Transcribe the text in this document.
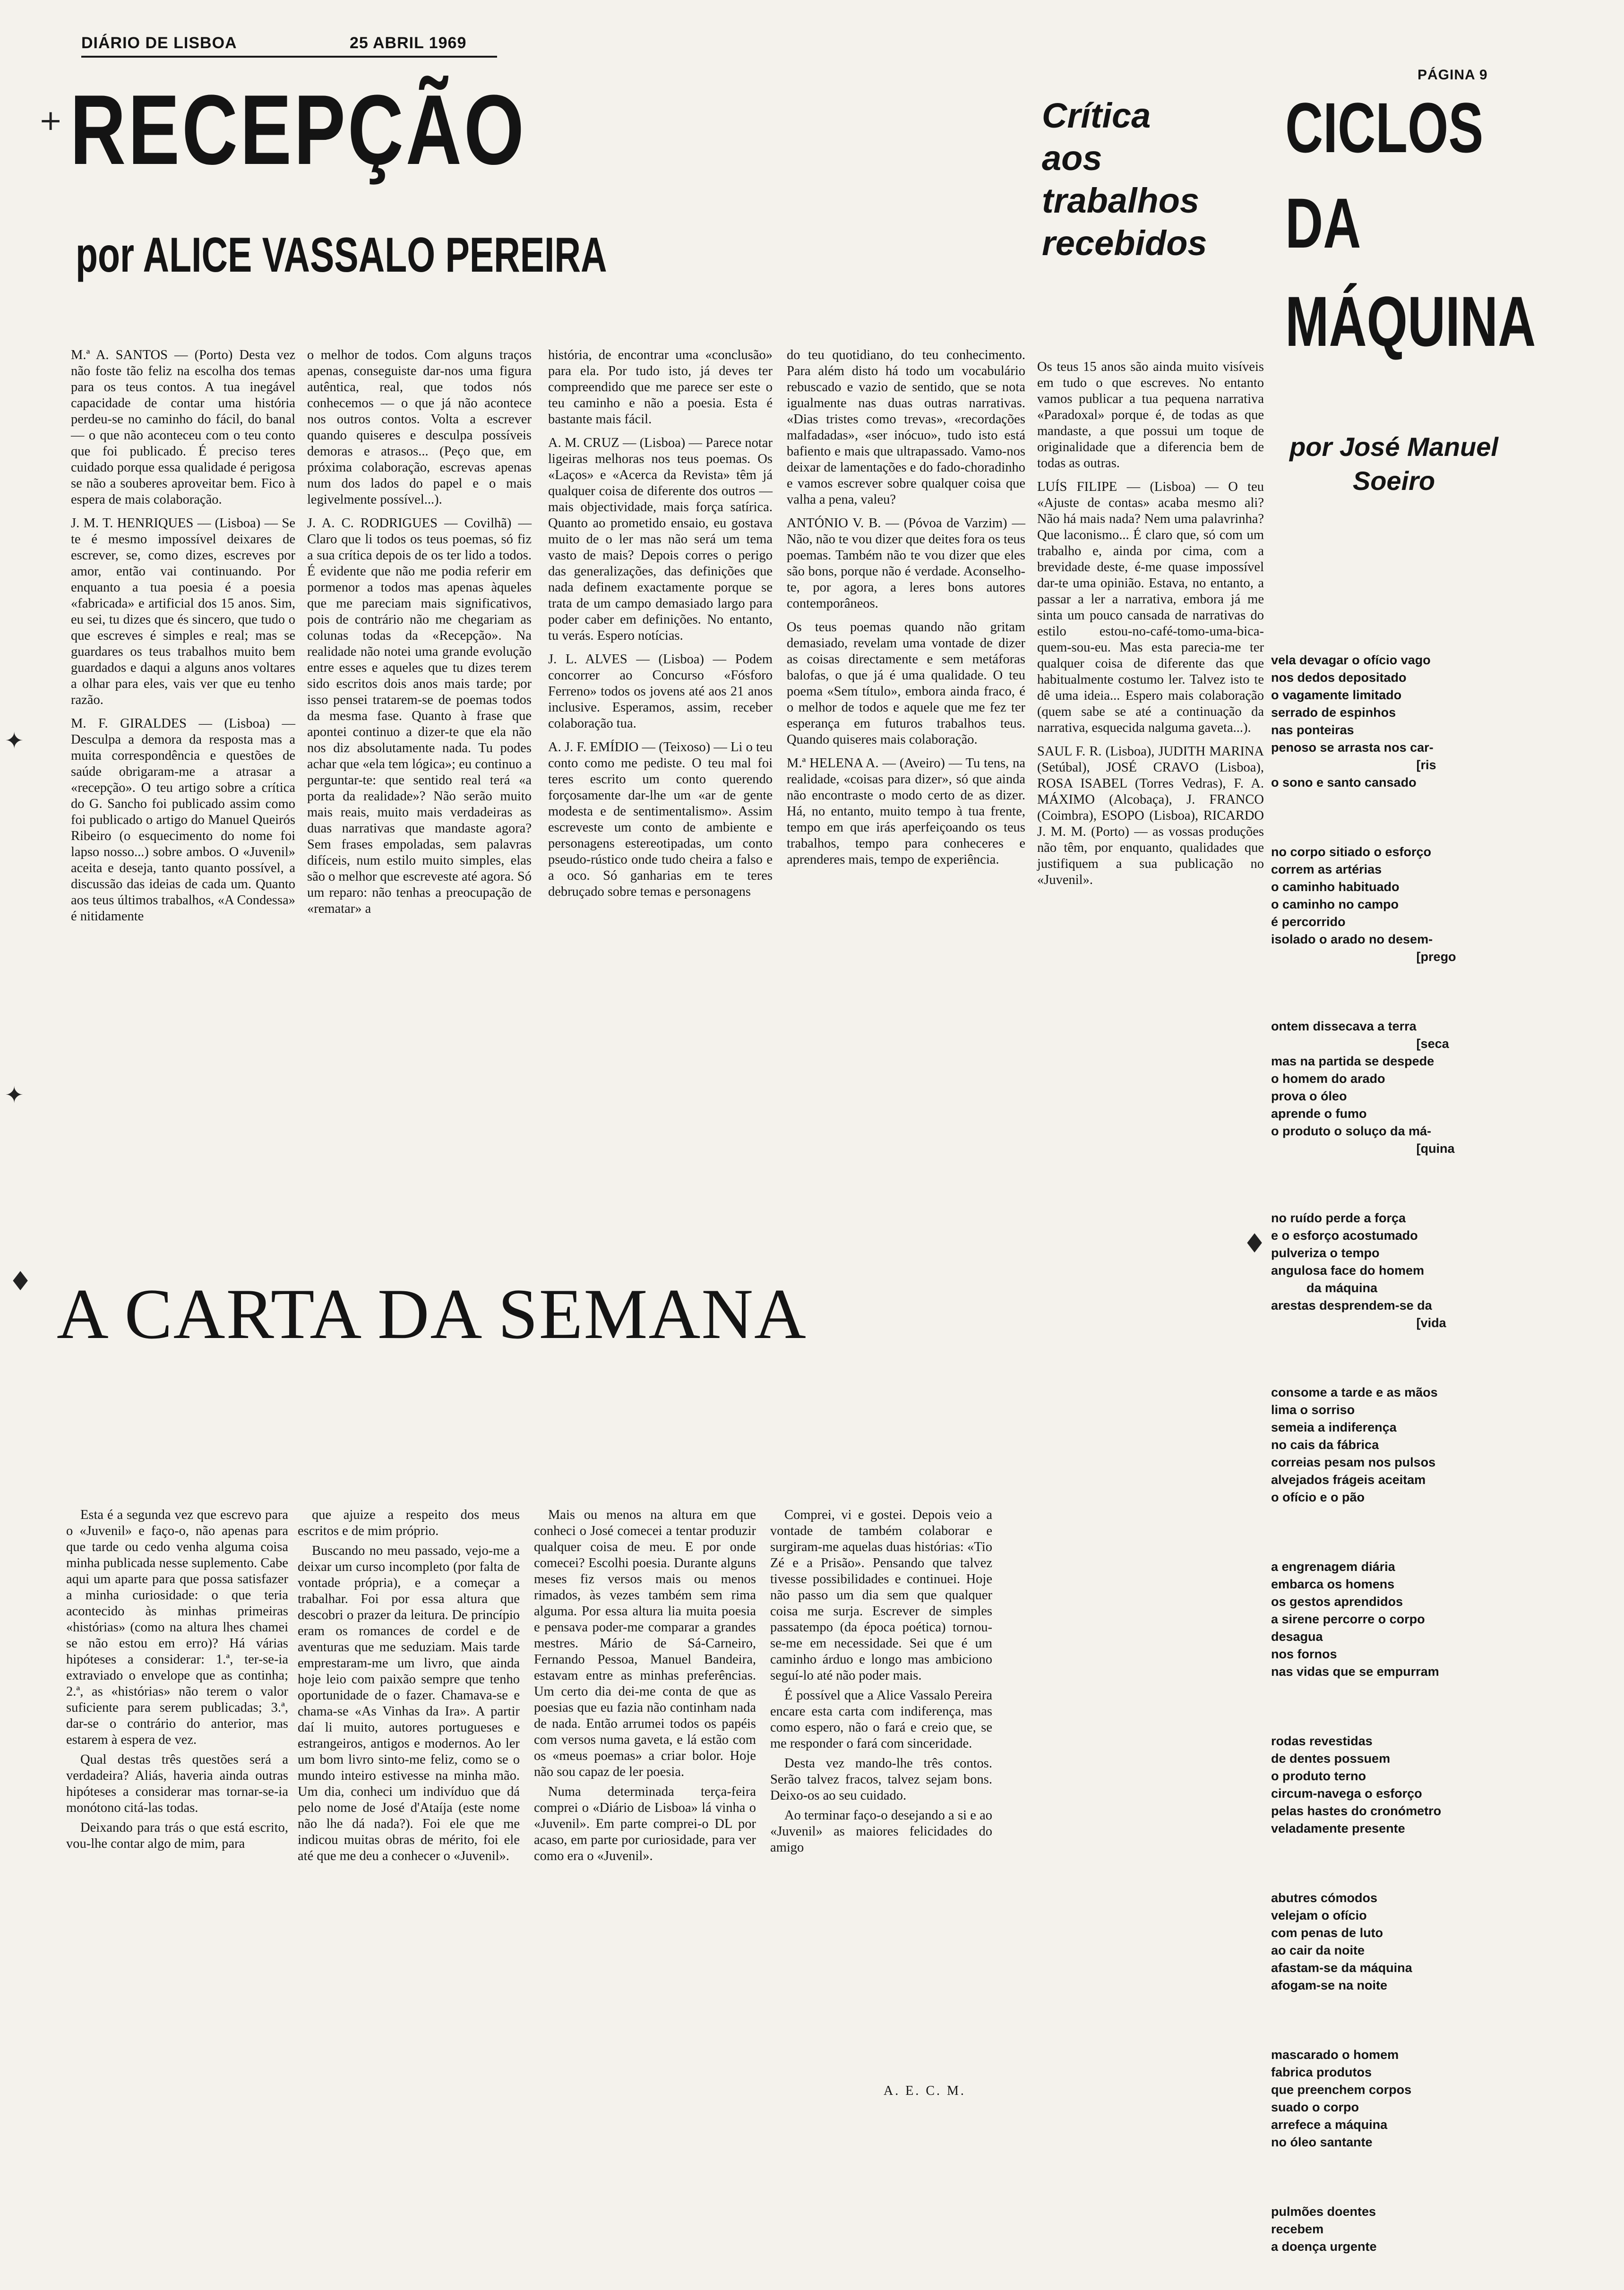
DIÁRIO DE LISBOA	25 ABRIL 1969
PÁGINA 9
+ RECEPÇÃO
por ALICE VASSALO PEREIRA
Crítica
aos
trabalhos
recebidos
CICLOS
DA
MÁQUINA
por José Manuel
Soeiro

M.ª A. SANTOS — (Porto) Desta vez não foste tão feliz na escolha dos temas para os teus contos. A tua inegável capacidade de contar uma história perdeu-se no caminho do fácil, do banal — o que não aconteceu com o teu conto que foi publicado. É preciso teres cuidado porque essa qualidade é perigosa se não a souberes aproveitar bem. Fico à espera de mais colaboração.

J. M. T. HENRIQUES — (Lisboa) — Se te é mesmo impossível deixares de escrever, se, como dizes, escreves por amor, então vai continuando. Por enquanto a tua poesia é a poesia «fabricada» e artificial dos 15 anos. Sim, eu sei, tu dizes que és sincero, que tudo o que escreves é simples e real; mas se guardares os teus trabalhos muito bem guardados e daqui a alguns anos voltares a olhar para eles, vais ver que eu tenho razão.

M. F. GIRALDES — (Lisboa) — Desculpa a demora da resposta mas a muita correspondência e questões de saúde obrigaram-me a atrasar a «recepção». O teu artigo sobre a crítica do G. Sancho foi publicado assim como foi publicado o artigo do Manuel Queirós Ribeiro (o esquecimento do nome foi lapso nosso...) sobre ambos. O «Juvenil» aceita e deseja, tanto quanto possível, a discussão das ideias de cada um. Quanto aos teus últimos trabalhos, «A Condessa» é nitidamente

o melhor de todos. Com alguns traços apenas, conseguiste dar-nos uma figura autêntica, real, que todos nós conhecemos — o que já não acontece nos outros contos. Volta a escrever quando quiseres e desculpa possíveis demoras e atrasos... (Peço que, em próxima colaboração, escrevas apenas num dos lados do papel e o mais legivelmente possível...).

J. A. C. RODRIGUES — Covilhã) — Claro que li todos os teus poemas, só fiz a sua crítica depois de os ter lido a todos. É evidente que não me podia referir em pormenor a todos mas apenas àqueles que me pareciam mais significativos, pois de contrário não me chegariam as colunas todas da «Recepção». Na realidade não notei uma grande evolução entre esses e aqueles que tu dizes terem sido escritos dois anos mais tarde; por isso pensei tratarem-se de poemas todos da mesma fase. Quanto à frase que apontei continuo a dizer-te que ela não nos diz absolutamente nada. Tu podes achar que «ela tem lógica»; eu continuo a perguntar-te: que sentido real terá «a porta da realidade»? Não serão muito mais reais, muito mais verdadeiras as duas narrativas que mandaste agora? Sem frases empoladas, sem palavras difíceis, num estilo muito simples, elas são o melhor que escreveste até agora. Só um reparo: não tenhas a preocupação de «rematar» a

história, de encontrar uma «conclusão» para ela. Por tudo isto, já deves ter compreendido que me parece ser este o teu caminho e não a poesia. Esta é bastante mais fácil.

A. M. CRUZ — (Lisboa) — Parece notar ligeiras melhoras nos teus poemas. Os «Laços» e «Acerca da Revista» têm já qualquer coisa de diferente dos outros — mais objectividade, mais força satírica. Quanto ao prometido ensaio, eu gostava muito de o ler mas não será um tema vasto de mais? Depois corres o perigo das generalizações, das definições que nada definem exactamente porque se trata de um campo demasiado largo para poder caber em definições. No entanto, tu verás. Espero notícias.

J. L. ALVES — (Lisboa) — Podem concorrer ao Concurso «Fósforo Ferreno» todos os jovens até aos 21 anos inclusive. Esperamos, assim, receber colaboração tua.

A. J. F. EMÍDIO — (Teixoso) — Li o teu conto como me pediste. O teu mal foi teres escrito um conto querendo forçosamente dar-lhe um «ar de gente modesta e de sentimentalismo». Assim escreveste um conto de ambiente e personagens estereotipadas, um conto pseudo-rústico onde tudo cheira a falso e a oco. Só ganharias em te teres debruçado sobre temas e personagens

do teu quotidiano, do teu conhecimento. Para além disto há todo um vocabulário rebuscado e vazio de sentido, que se nota igualmente nas duas outras narrativas. «Dias tristes como trevas», «recordações malfadadas», «ser inócuo», tudo isto está bafiento e mais que ultrapassado. Vamo-nos deixar de lamentações e do fado-choradinho e vamos escrever sobre qualquer coisa que valha a pena, valeu?

ANTÓNIO V. B. — (Póvoa de Varzim) — Não, não te vou dizer que deites fora os teus poemas. Também não te vou dizer que eles são bons, porque não é verdade. Aconselho-te, por agora, a leres bons autores contemporâneos.

Os teus poemas quando não gritam demasiado, revelam uma vontade de dizer as coisas directamente e sem metáforas balofas, o que já é uma qualidade. O teu poema «Sem título», embora ainda fraco, é o melhor de todos e aquele que me fez ter esperança em futuros trabalhos teus. Quando quiseres mais colaboração.

M.ª HELENA A. — (Aveiro) — Tu tens, na realidade, «coisas para dizer», só que ainda não encontraste o modo certo de as dizer. Há, no entanto, muito tempo à tua frente, tempo em que irás aperfeiçoando os teus trabalhos, tempo para conheceres e aprenderes mais, tempo de experiência.

Os teus 15 anos são ainda muito visíveis em tudo o que escreves. No entanto vamos publicar a tua pequena narrativa «Paradoxal» porque é, de todas as que mandaste, a que possui um toque de originalidade que a diferencia bem de todas as outras.

LUÍS FILIPE — (Lisboa) — O teu «Ajuste de contas» acaba mesmo ali? Não há mais nada? Nem uma palavrinha? Que laconismo... É claro que, só com um trabalho e, ainda por cima, com a brevidade deste, é-me quase impossível dar-te uma opinião. Estava, no entanto, a passar a ler a narrativa, embora já me sinta um pouco cansada de narrativas do estilo estou-no-café-tomo-uma-bica-quem-sou-eu. Mas esta parecia-me ter qualquer coisa de diferente das que habitualmente costumo ler. Talvez isto te dê uma ideia... Espero mais colaboração (quem sabe se até a continuação da narrativa, esquecida nalguma gaveta...).

SAUL F. R. (Lisboa), JUDITH MARINA (Setúbal), JOSÉ CRAVO (Lisboa), ROSA ISABEL (Torres Vedras), F. A. MÁXIMO (Alcobaça), J. FRANCO (Coimbra), ESOPO (Lisboa), RICARDO J. M. M. (Porto) — as vossas produções não têm, por enquanto, qualidades que justifiquem a sua publicação no «Juvenil».

vela devagar o ofício vago
nos dedos depositado
o vagamente limitado
serrado de espinhos
nas ponteiras
penoso se arrasta nos car-
[ris
o sono e santo cansado

no corpo sitiado o esforço
correm as artérias
o caminho habituado
o caminho no campo
é percorrido
isolado o arado no desem-
[prego

ontem dissecava a terra
[seca
mas na partida se despede
o homem do arado
prova o óleo
aprende o fumo
o produto o soluço da má-
[quina

no ruído perde a força
e o esforço acostumado
pulveriza o tempo
angulosa face do homem
da máquina
arestas desprendem-se da
[vida

consome a tarde e as mãos
lima o sorriso
semeia a indiferença
no cais da fábrica
correias pesam nos pulsos
alvejados frágeis aceitam
o ofício e o pão

a engrenagem diária
embarca os homens
os gestos aprendidos
a sirene percorre o corpo
desagua
nos fornos
nas vidas que se empurram

rodas revestidas
de dentes possuem
o produto terno
circum-navega o esforço
pelas hastes do cronómetro
veladamente presente

abutres cómodos
velejam o ofício
com penas de luto
ao cair da noite
afastam-se da máquina
afogam-se na noite

mascarado o homem
fabrica produtos
que preenchem corpos
suado o corpo
arrefece a máquina
no óleo santante

pulmões doentes
recebem
a doença urgente

✦
✦
♦
♦
A CARTA DA SEMANA

Esta é a segunda vez que escrevo para o «Juvenil» e faço-o, não apenas para que tarde ou cedo venha alguma coisa minha publicada nesse suplemento. Cabe aqui um aparte para que possa satisfazer a minha curiosidade: o que teria acontecido às minhas primeiras «histórias» (como na altura lhes chamei se não estou em erro)? Há várias hipóteses a considerar: 1.ª, ter-se-ia extraviado o envelope que as continha; 2.ª, as «histórias» não terem o valor suficiente para serem publicadas; 3.ª, dar-se o contrário do anterior, mas estarem à espera de vez.

Qual destas três questões será a verdadeira? Aliás, haveria ainda outras hipóteses a considerar mas tornar-se-ia monótono citá-las todas.

Deixando para trás o que está escrito, vou-lhe contar algo de mim, para

que ajuize a respeito dos meus escritos e de mim próprio.

Buscando no meu passado, vejo-me a deixar um curso incompleto (por falta de vontade própria), e a começar a trabalhar. Foi por essa altura que descobri o prazer da leitura. De princípio eram os romances de cordel e de aventuras que me seduziam. Mais tarde emprestaram-me um livro, que ainda hoje leio com paixão sempre que tenho oportunidade de o fazer. Chamava-se e chama-se «As Vinhas da Ira». A partir daí li muito, autores portugueses e estrangeiros, antigos e modernos. Ao ler um bom livro sinto-me feliz, como se o mundo inteiro estivesse na minha mão. Um dia, conheci um indivíduo que dá pelo nome de José d'Ataíja (este nome não lhe dá nada?). Foi ele que me indicou muitas obras de mérito, foi ele até que me deu a conhecer o «Juvenil».

Mais ou menos na altura em que conheci o José comecei a tentar produzir qualquer coisa de meu. E por onde comecei? Escolhi poesia. Durante alguns meses fiz versos mais ou menos rimados, às vezes também sem rima alguma. Por essa altura lia muita poesia e pensava poder-me comparar a grandes mestres. Mário de Sá-Carneiro, Fernando Pessoa, Manuel Bandeira, estavam entre as minhas preferências. Um certo dia dei-me conta de que as poesias que eu fazia não continham nada de nada. Então arrumei todos os papéis com versos numa gaveta, e lá estão com os «meus poemas» a criar bolor. Hoje não sou capaz de ler poesia.

Numa determinada terça-feira comprei o «Diário de Lisboa» lá vinha o «Juvenil». Em parte comprei-o DL por acaso, em parte por curiosidade, para ver como era o «Juvenil».

Comprei, vi e gostei. Depois veio a vontade de também colaborar e surgiram-me aquelas duas histórias: «Tio Zé e a Prisão». Pensando que talvez tivesse possibilidades e continuei. Hoje não passo um dia sem que qualquer coisa me surja. Escrever de simples passatempo (da época poética) tornou-se-me em necessidade. Sei que é um caminho árduo e longo mas ambiciono seguí-lo até não poder mais.

É possível que a Alice Vassalo Pereira encare esta carta com indiferença, mas como espero, não o fará e creio que, se me responder o fará com sinceridade.

Desta vez mando-lhe três contos. Serão talvez fracos, talvez sejam bons. Deixo-os ao seu cuidado.

Ao terminar faço-o desejando a si e ao «Juvenil» as maiores felicidades do amigo

A. E. C. M.
